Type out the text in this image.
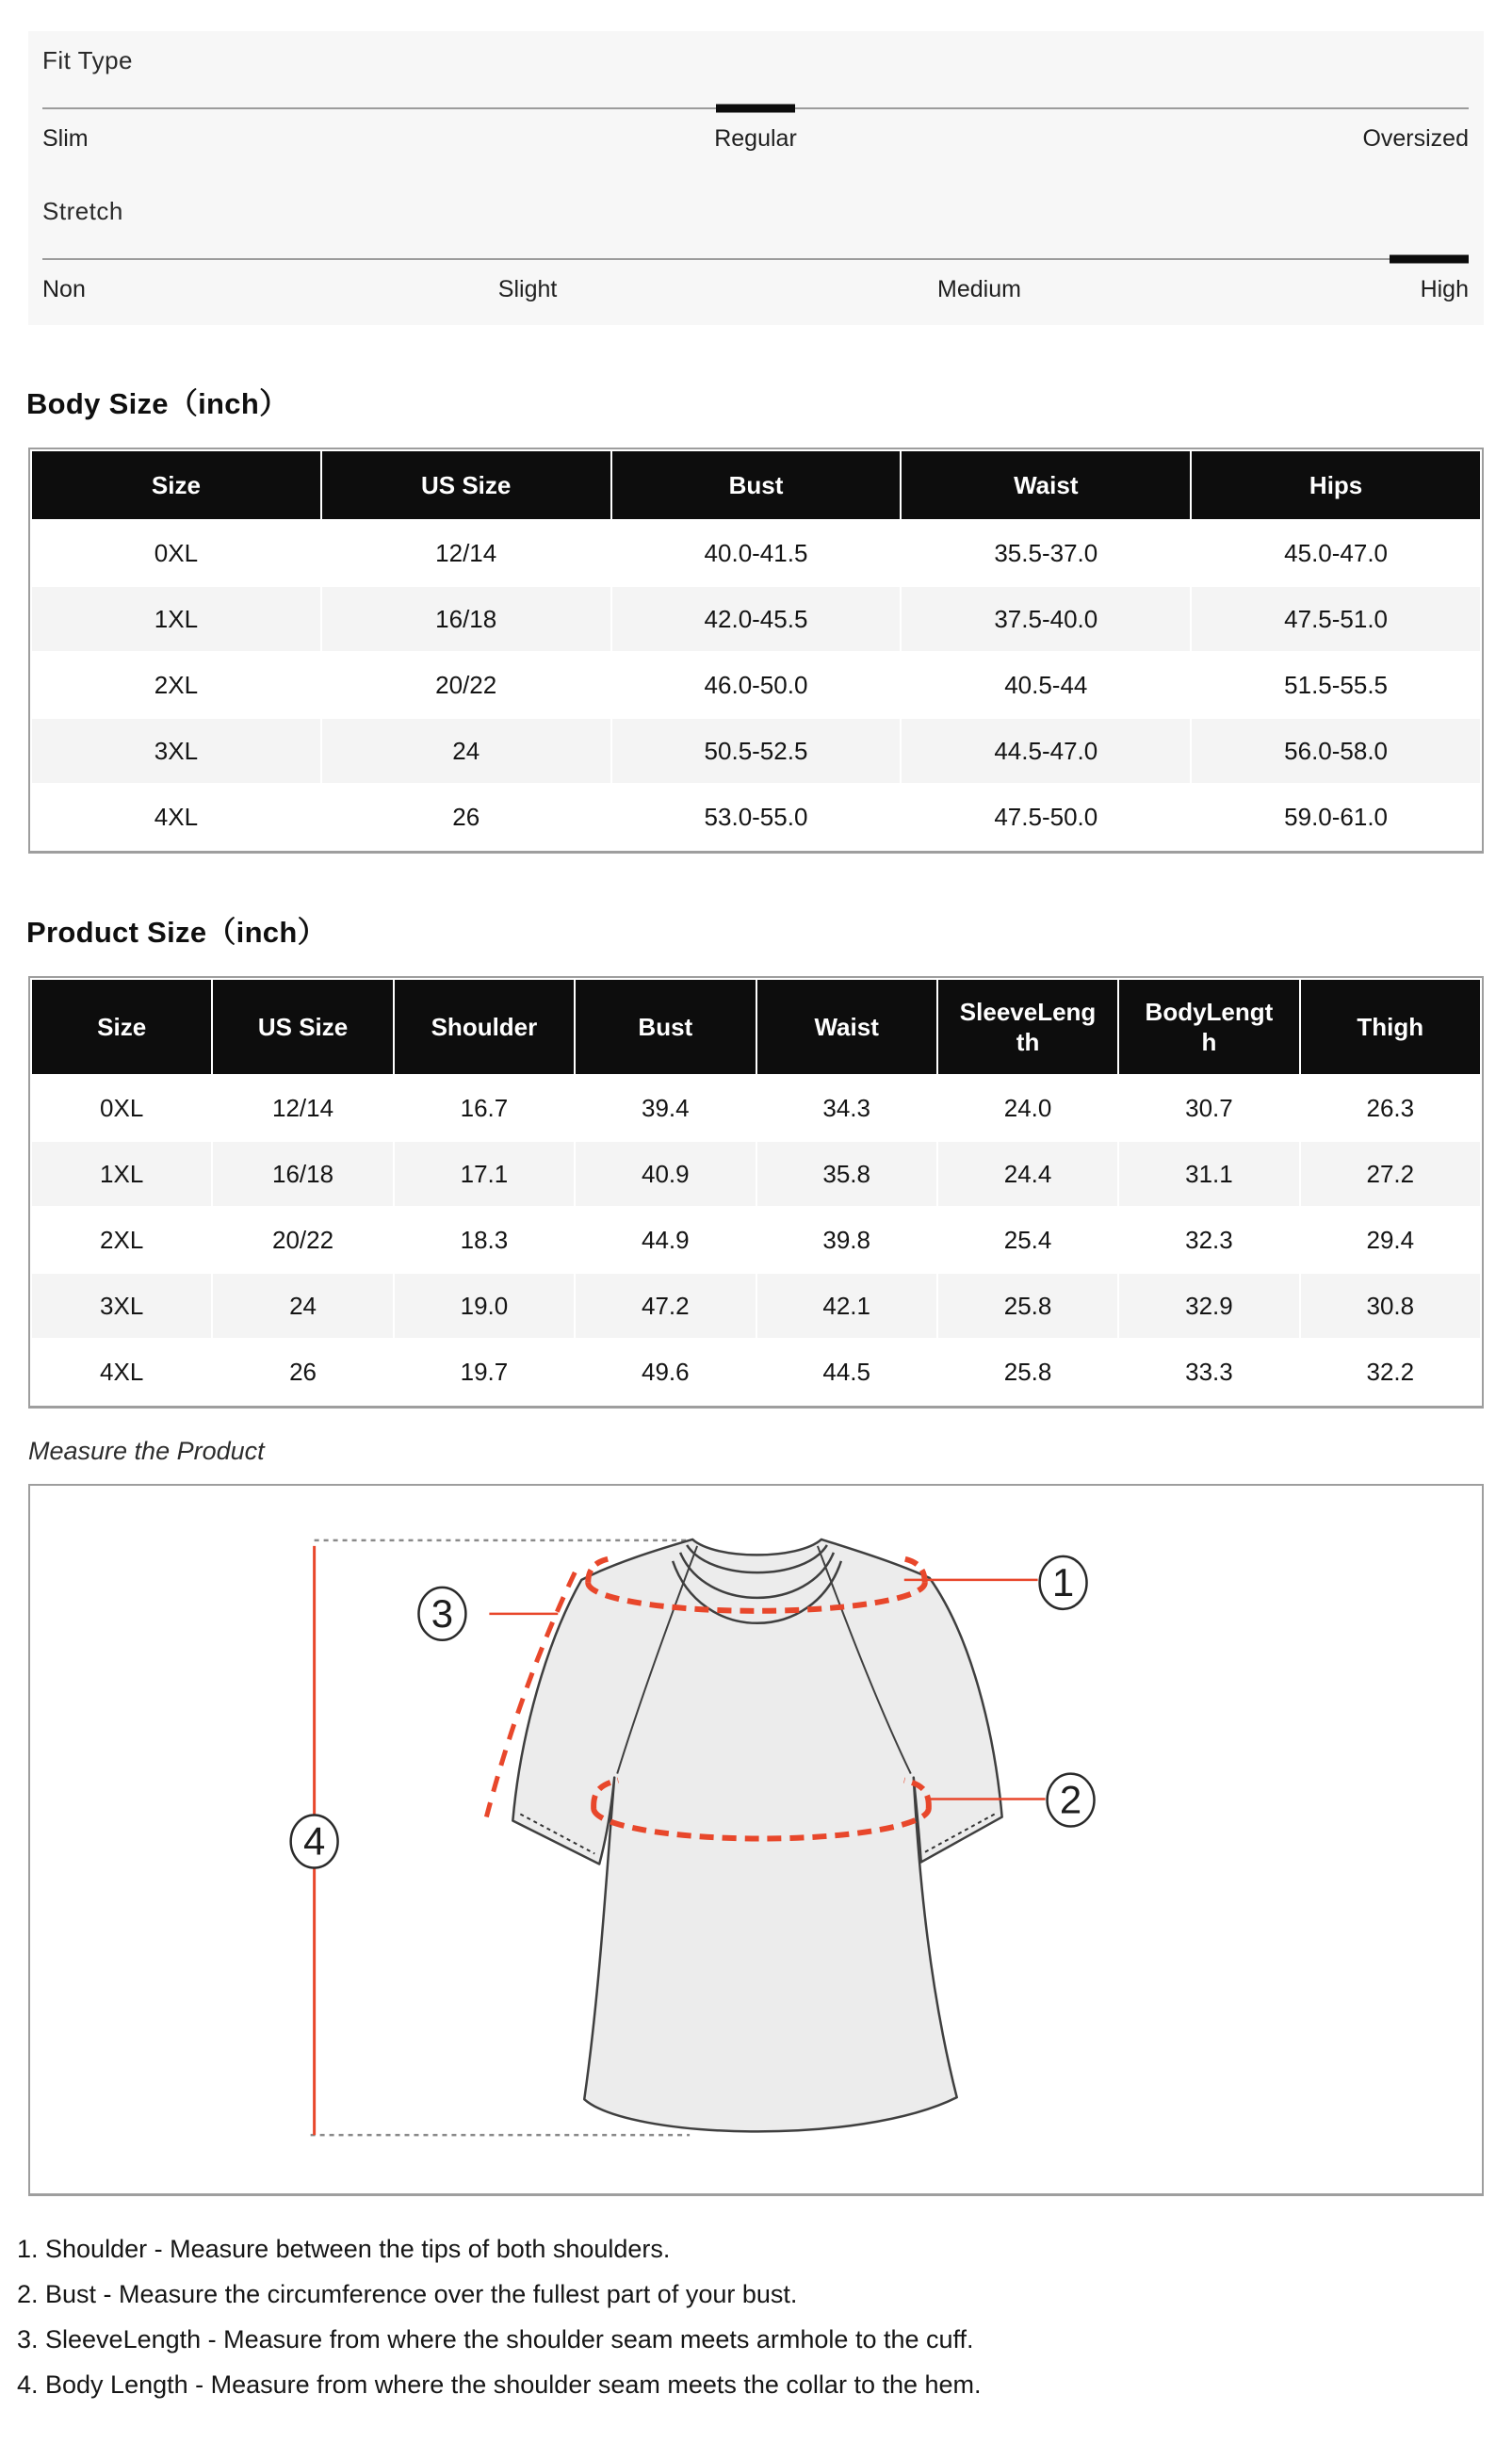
Fit Type
Slim	Regular	Oversized
Stretch
Non	Slight	Medium	High
Body Size（inch）
Size	US Size	Bust	Waist	Hips
0XL	12/14	40.0-41.5	35.5-37.0	45.0-47.0
1XL	16/18	42.0-45.5	37.5-40.0	47.5-51.0
2XL	20/22	46.0-50.0	40.5-44	51.5-55.5
3XL	24	50.5-52.5	44.5-47.0	56.0-58.0
4XL	26	53.0-55.0	47.5-50.0	59.0-61.0
Product Size（inch）
Size	US Size	Shoulder	Bust	Waist	SleeveLength	BodyLength	Thigh
0XL	12/14	16.7	39.4	34.3	24.0	30.7	26.3
1XL	16/18	17.1	40.9	35.8	24.4	31.1	27.2
2XL	20/22	18.3	44.9	39.8	25.4	32.3	29.4
3XL	24	19.0	47.2	42.1	25.8	32.9	30.8
4XL	26	19.7	49.6	44.5	25.8	33.3	32.2
Measure the Product
1
2
3
4
1. Shoulder - Measure between the tips of both shoulders.
2. Bust - Measure the circumference over the fullest part of your bust.
3. SleeveLength - Measure from where the shoulder seam meets armhole to the cuff.
4. Body Length - Measure from where the shoulder seam meets the collar to the hem.
